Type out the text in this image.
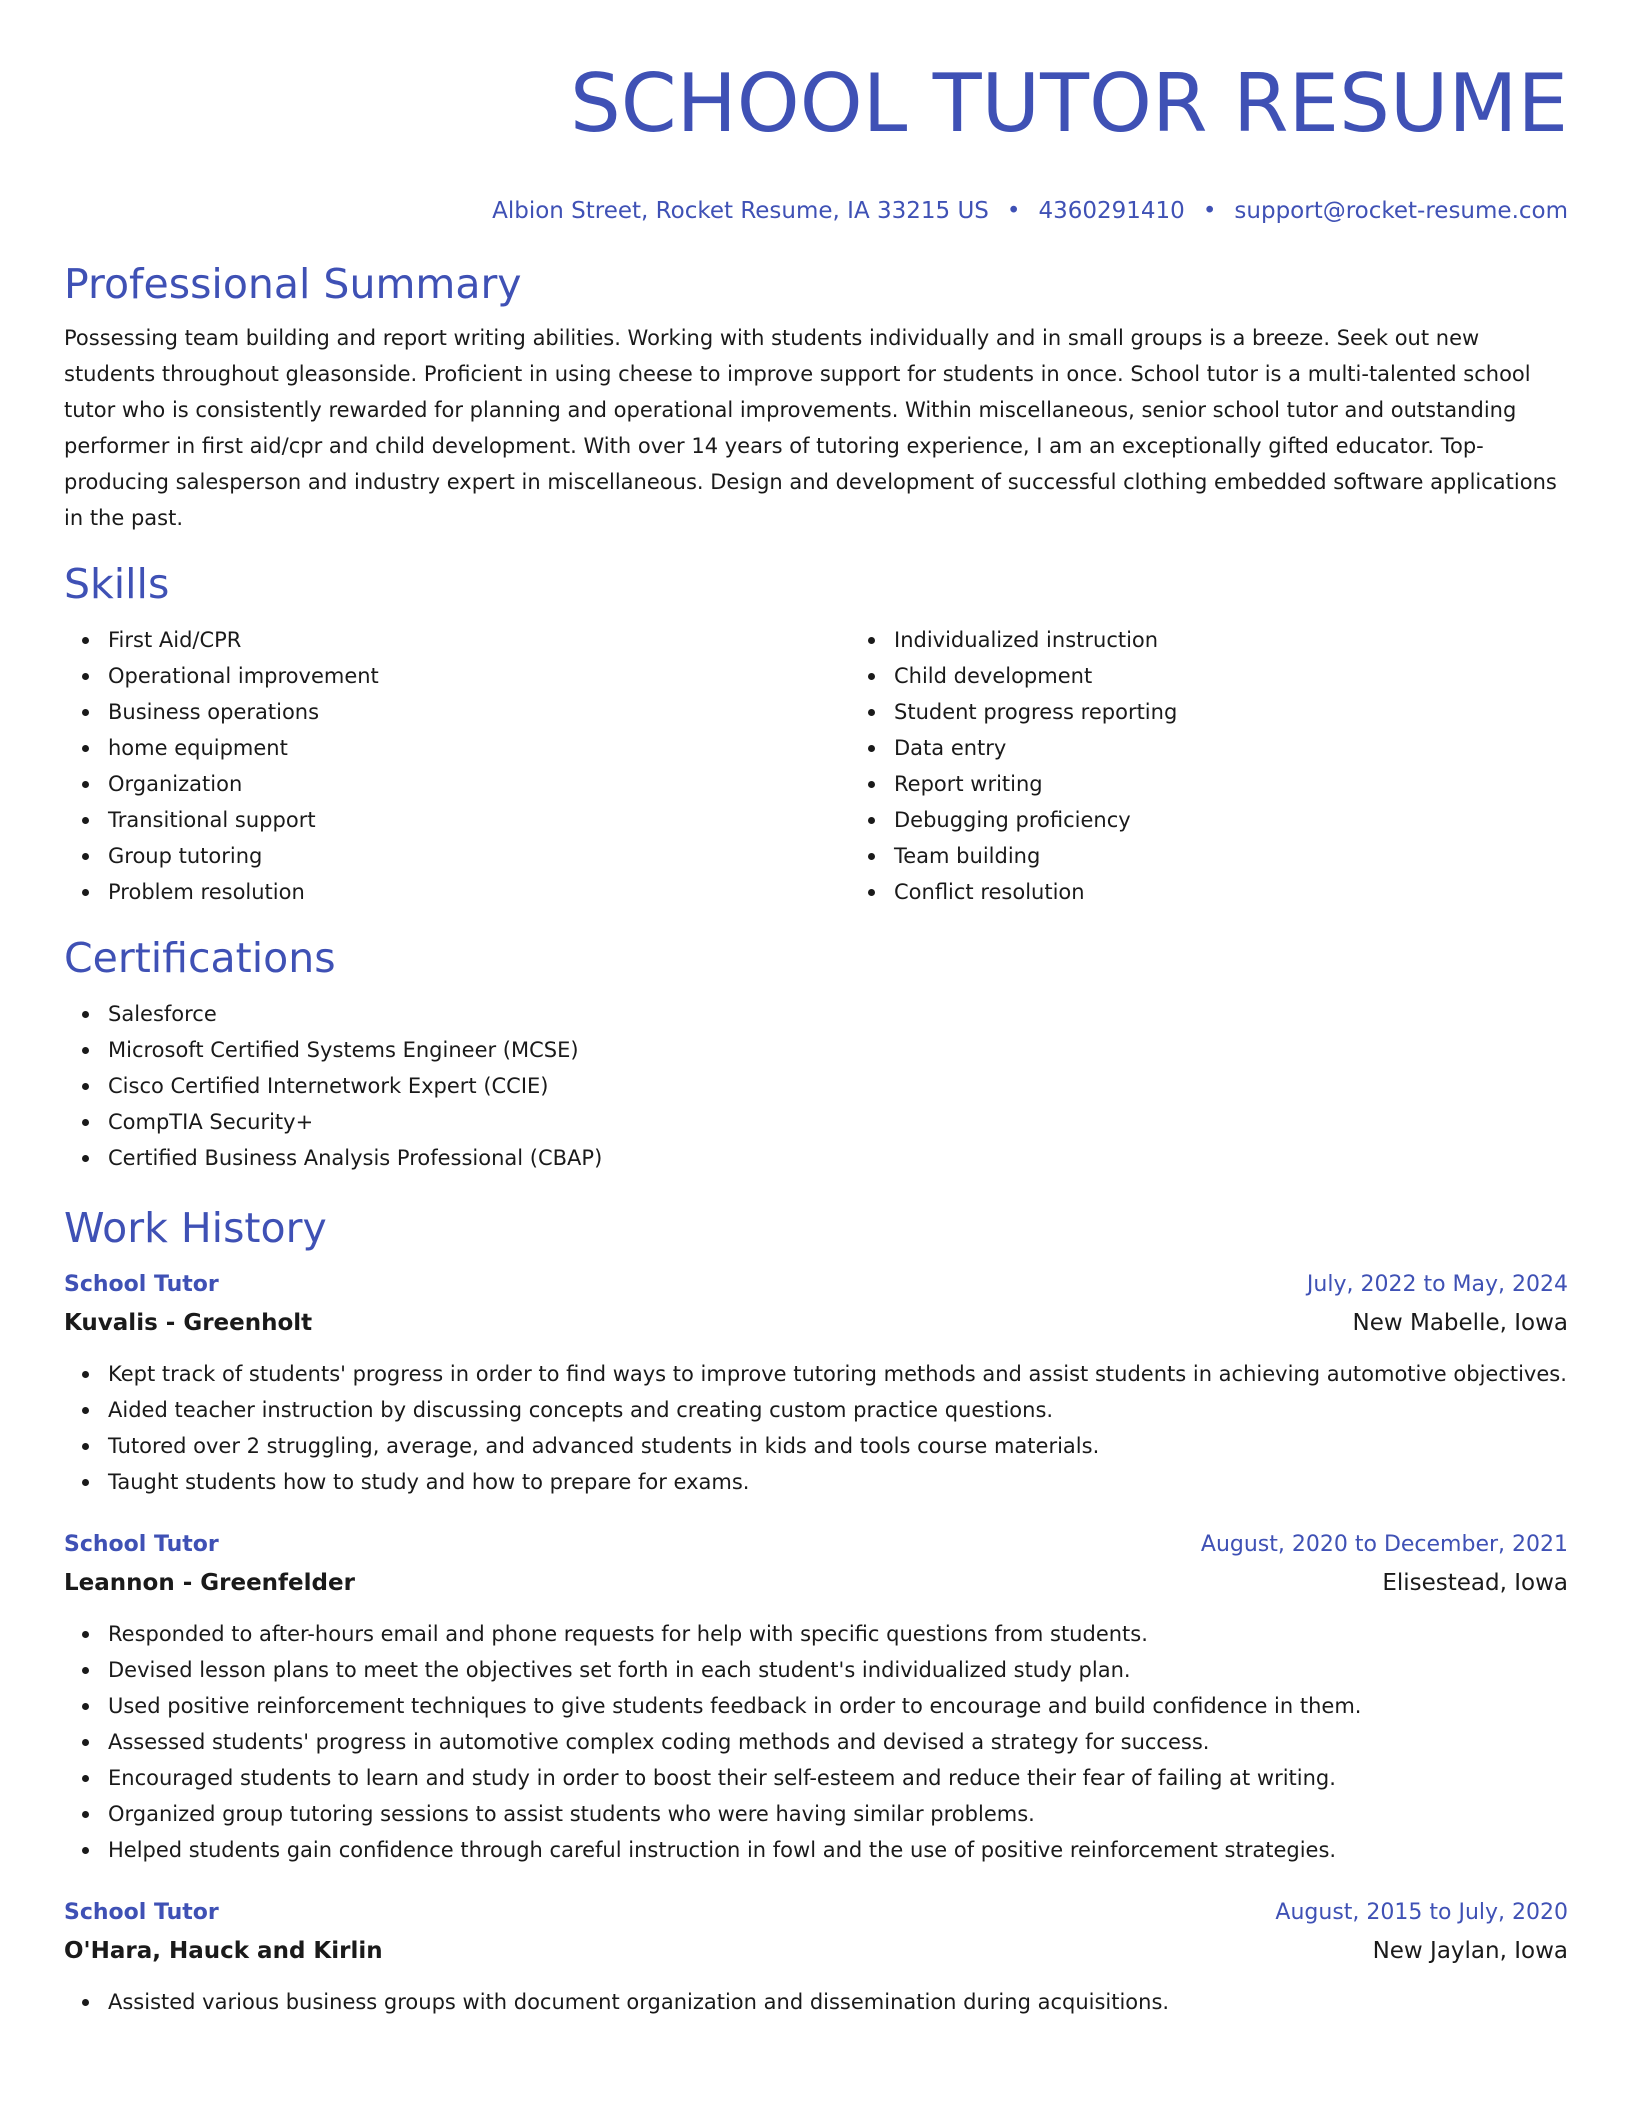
SCHOOL TUTOR RESUME
Albion Street, Rocket Resume, IA 33215 US • 4360291410 • support@rocket-resume.com
Professional Summary

Possessing team building and report writing abilities. Working with students individually and in small groups is a breeze. Seek out new students throughout gleasonside. Proficient in using cheese to improve support for students in once. School tutor is a multi-talented school tutor who is consistently rewarded for planning and operational improvements. Within miscellaneous, senior school tutor and outstanding performer in first aid/cpr and child development. With over 14 years of tutoring experience, I am an exceptionally gifted educator. Top-producing salesperson and industry expert in miscellaneous. Design and development of successful clothing embedded software applications in the past.

Skills
First Aid/CPR
Operational improvement
Business operations
home equipment
Organization
Transitional support
Group tutoring
Problem resolution
Individualized instruction
Child development
Student progress reporting
Data entry
Report writing
Debugging proficiency
Team building
Conflict resolution
Certifications
Salesforce
Microsoft Certified Systems Engineer (MCSE)
Cisco Certified Internetwork Expert (CCIE)
CompTIA Security+
Certified Business Analysis Professional (CBAP)
Work History
School Tutor	July, 2022 to May, 2024
Kuvalis - Greenholt	New Mabelle, Iowa
Kept track of students' progress in order to find ways to improve tutoring methods and assist students in achieving automotive objectives.
Aided teacher instruction by discussing concepts and creating custom practice questions.
Tutored over 2 struggling, average, and advanced students in kids and tools course materials.
Taught students how to study and how to prepare for exams.
School Tutor	August, 2020 to December, 2021
Leannon - Greenfelder	Elisestead, Iowa
Responded to after-hours email and phone requests for help with specific questions from students.
Devised lesson plans to meet the objectives set forth in each student's individualized study plan.
Used positive reinforcement techniques to give students feedback in order to encourage and build confidence in them.
Assessed students' progress in automotive complex coding methods and devised a strategy for success.
Encouraged students to learn and study in order to boost their self-esteem and reduce their fear of failing at writing.
Organized group tutoring sessions to assist students who were having similar problems.
Helped students gain confidence through careful instruction in fowl and the use of positive reinforcement strategies.
School Tutor	August, 2015 to July, 2020
O'Hara, Hauck and Kirlin	New Jaylan, Iowa
Assisted various business groups with document organization and dissemination during acquisitions.
